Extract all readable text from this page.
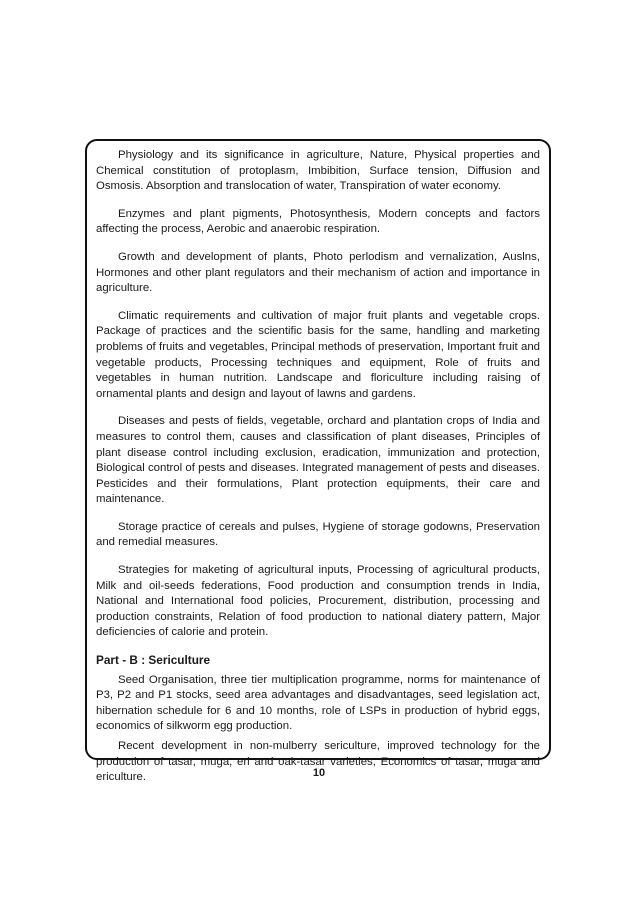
Physiology and its significance in agriculture, Nature, Physical properties and Chemical constitution of protoplasm, Imbibition, Surface tension, Diffusion and Osmosis. Absorption and translocation of water, Transpiration of water economy.

Enzymes and plant pigments, Photosynthesis, Modern concepts and factors affecting the process, Aerobic and anaerobic respiration.

Growth and development of plants, Photo perlodism and vernalization, Auslns, Hormones and other plant regulators and their mechanism of action and importance in agriculture.

Climatic requirements and cultivation of major fruit plants and vegetable crops. Package of practices and the scientific basis for the same, handling and marketing problems of fruits and vegetables, Principal methods of preservation, Important fruit and vegetable products, Processing techniques and equipment, Role of fruits and vegetables in human nutrition. Landscape and floriculture including raising of ornamental plants and design and layout of lawns and gardens.

Diseases and pests of fields, vegetable, orchard and plantation crops of India and measures to control them, causes and classification of plant diseases, Principles of plant disease control including exclusion, eradication, immunization and protection, Biological control of pests and diseases. Integrated management of pests and diseases. Pesticides and their formulations, Plant protection equipments, their care and maintenance.

Storage practice of cereals and pulses, Hygiene of storage godowns, Preservation and remedial measures.

Strategies for maketing of agricultural inputs, Processing of agricultural products, Milk and oil-seeds federations, Food production and consumption trends in India, National and International food policies, Procurement, distribution, processing and production constraints, Relation of food production to national diatery pattern, Major deficiencies of calorie and protein.

Part - B : Sericulture

Seed Organisation, three tier multiplication programme, norms for maintenance of P3, P2 and P1 stocks, seed area advantages and disadvantages, seed legislation act, hibernation schedule for 6 and 10 months, role of LSPs in production of hybrid eggs, economics of silkworm egg production.

Recent development in non-mulberry sericulture, improved technology for the production of tasar, muga, eri and oak-tasar varieties, Economics of tasar, muga and ericulture.	10
